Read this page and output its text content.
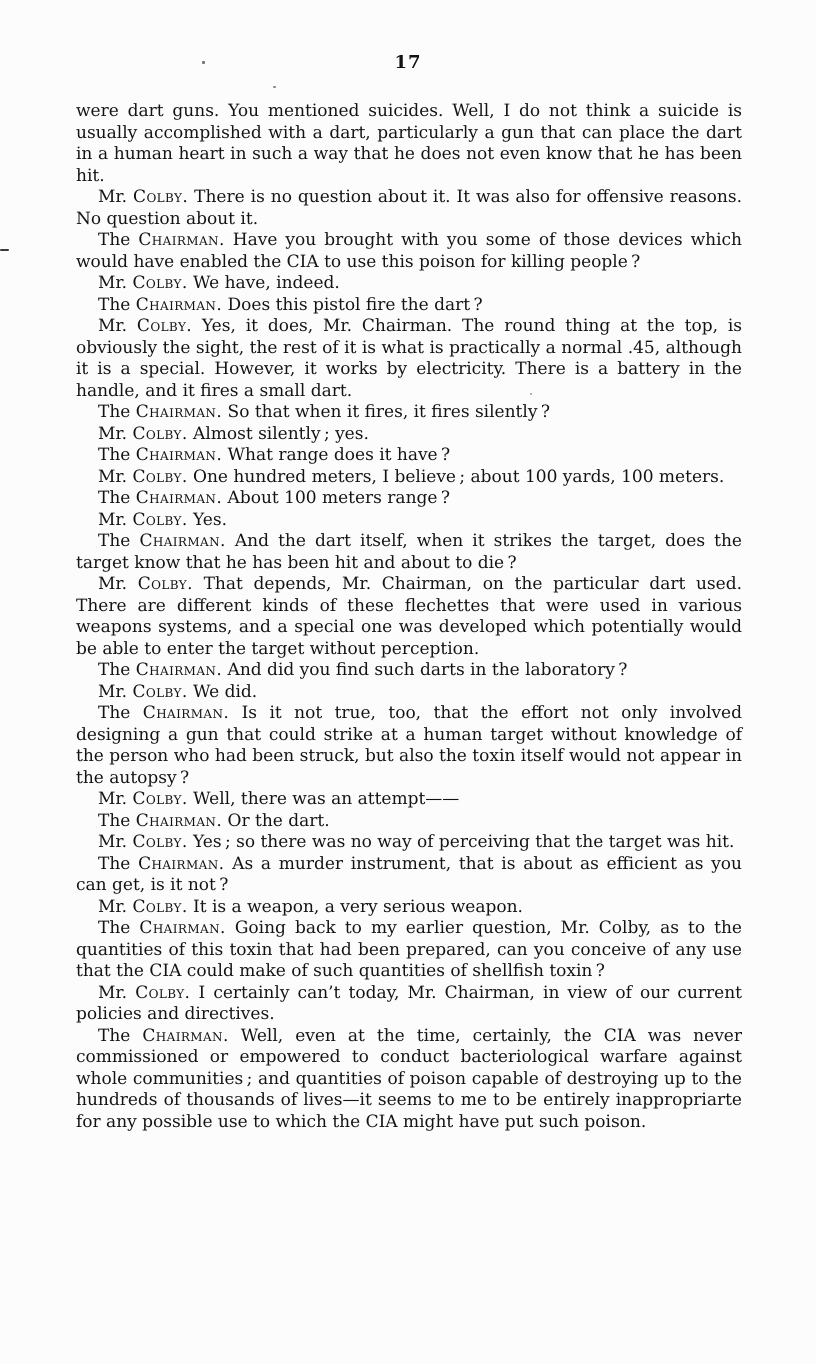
17

were dart guns. You mentioned suicides. Well, I do not think a suicide is usually accomplished with a dart, particularly a gun that can place the dart in a human heart in such a way that he does not even know that he has been hit.

Mr. Colby. There is no question about it. It was also for offensive reasons. No question about it.

The Chairman. Have you brought with you some of those devices which would have enabled the CIA to use this poison for killing people ?

Mr. Colby. We have, indeed.

The Chairman. Does this pistol fire the dart ?

Mr. Colby. Yes, it does, Mr. Chairman. The round thing at the top, is obviously the sight, the rest of it is what is practically a normal .45, although it is a special. However, it works by electricity. There is a battery in the handle, and it fires a small dart.

The Chairman. So that when it fires, it fires silently ?

Mr. Colby. Almost silently ; yes.

The Chairman. What range does it have ?

Mr. Colby. One hundred meters, I believe ; about 100 yards, 100 meters.

The Chairman. About 100 meters range ?

Mr. Colby. Yes.

The Chairman. And the dart itself, when it strikes the target, does the target know that he has been hit and about to die ?

Mr. Colby. That depends, Mr. Chairman, on the particular dart used. There are different kinds of these flechettes that were used in various weapons systems, and a special one was developed which potentially would be able to enter the target without perception.

The Chairman. And did you find such darts in the laboratory ?

Mr. Colby. We did.

The Chairman. Is it not true, too, that the effort not only involved designing a gun that could strike at a human target without knowledge of the person who had been struck, but also the toxin itself would not appear in the autopsy ?

Mr. Colby. Well, there was an attempt——

The Chairman. Or the dart.

Mr. Colby. Yes ; so there was no way of perceiving that the target was hit.

The Chairman. As a murder instrument, that is about as efficient as you can get, is it not ?

Mr. Colby. It is a weapon, a very serious weapon.

The Chairman. Going back to my earlier question, Mr. Colby, as to the quantities of this toxin that had been prepared, can you conceive of any use that the CIA could make of such quantities of shellfish toxin ?

Mr. Colby. I certainly can’t today, Mr. Chairman, in view of our current policies and directives.

The Chairman. Well, even at the time, certainly, the CIA was never commissioned or empowered to conduct bacteriological warfare against whole communities ; and quantities of poison capable of destroying up to the hundreds of thousands of lives—it seems to me to be entirely inappropriarte for any possible use to which the CIA might have put such poison.
